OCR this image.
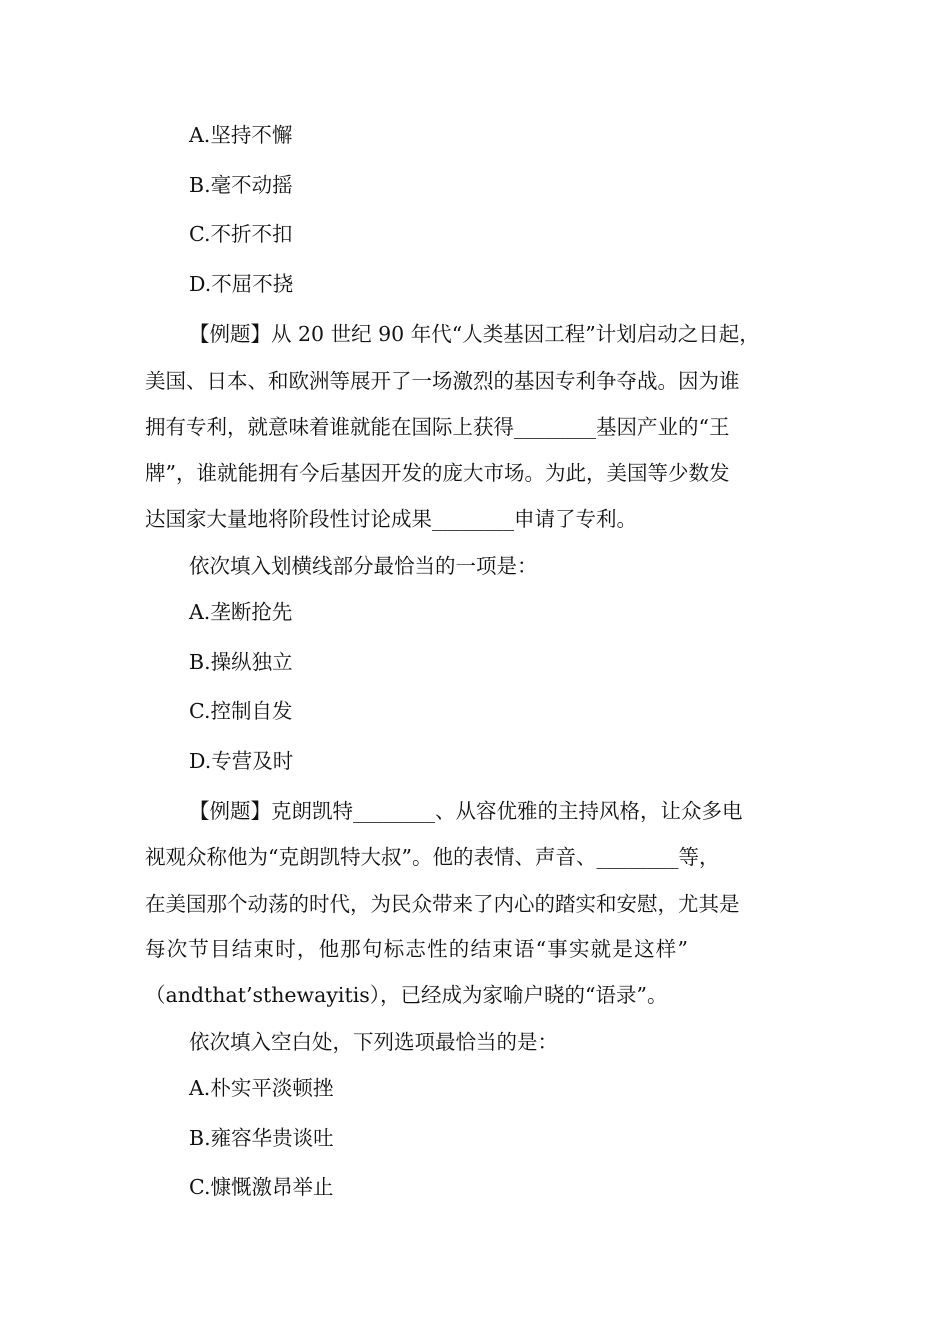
A.坚持不懈
B.毫不动摇
C.不折不扣
D.不屈不挠
【例题】从 20 世纪 90 年代“人类基因工程”计划启动之日起，
美国、日本、和欧洲等展开了一场激烈的基因专利争夺战。因为谁
拥有专利，就意味着谁就能在国际上获得________基因产业的“王
牌”，谁就能拥有今后基因开发的庞大市场。为此，美国等少数发
达国家大量地将阶段性讨论成果________申请了专利。
依次填入划横线部分最恰当的一项是：
A.垄断抢先
B.操纵独立
C.控制自发
D.专营及时
【例题】克朗凯特________、从容优雅的主持风格，让众多电
视观众称他为“克朗凯特大叔”。他的表情、声音、________等，
在美国那个动荡的时代，为民众带来了内心的踏实和安慰，尤其是
每次节目结束时，他那句标志性的结束语“事实就是这样”
（andthat’sthewayitis），已经成为家喻户晓的“语录”。
依次填入空白处，下列选项最恰当的是：
A.朴实平淡顿挫
B.雍容华贵谈吐
C.慷慨激昂举止
